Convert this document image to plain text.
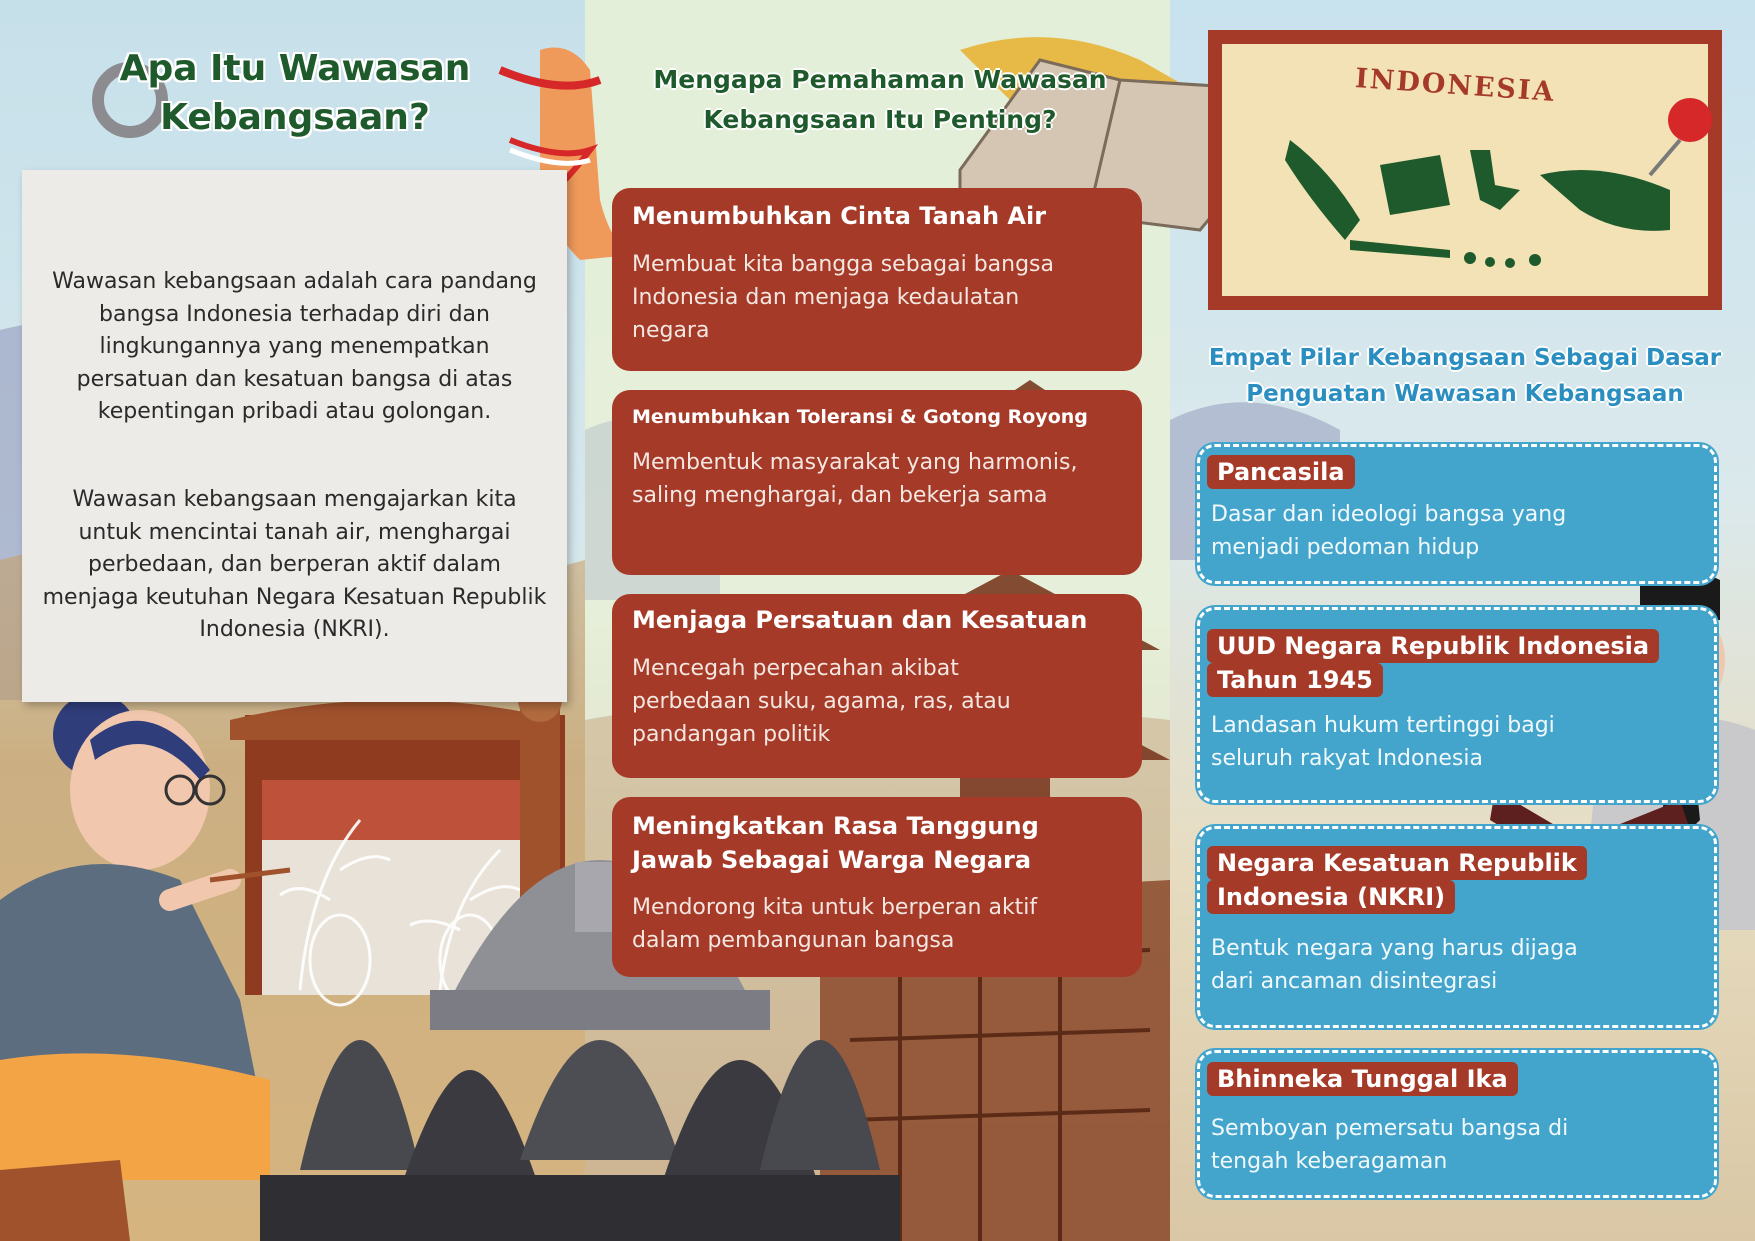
Apa Itu Wawasan Kebangsaan?

Wawasan kebangsaan adalah cara pandang bangsa Indonesia terhadap diri dan lingkungannya yang menempatkan persatuan dan kesatuan bangsa di atas kepentingan pribadi atau golongan.

Wawasan kebangsaan mengajarkan kita untuk mencintai tanah air, menghargai perbedaan, dan berperan aktif dalam menjaga keutuhan Negara Kesatuan Republik Indonesia (NKRI).

Mengapa Pemahaman Wawasan Kebangsaan Itu Penting?
Menumbuhkan Cinta Tanah Air
Membuat kita bangga sebagai bangsa Indonesia dan menjaga kedaulatan negara
Menumbuhkan Toleransi & Gotong Royong
Membentuk masyarakat yang harmonis, saling menghargai, dan bekerja sama
Menjaga Persatuan dan Kesatuan
Mencegah perpecahan akibat perbedaan suku, agama, ras, atau pandangan politik
Meningkatkan Rasa Tanggung Jawab Sebagai Warga Negara
Mendorong kita untuk berperan aktif dalam pembangunan bangsa
INDONESIA
Empat Pilar Kebangsaan Sebagai Dasar Penguatan Wawasan Kebangsaan
Pancasila
Dasar dan ideologi bangsa yang menjadi pedoman hidup
UUD Negara Republik Indonesia
Tahun 1945
Landasan hukum tertinggi bagi seluruh rakyat Indonesia
Negara Kesatuan Republik
Indonesia (NKRI)
Bentuk negara yang harus dijaga dari ancaman disintegrasi
Bhinneka Tunggal Ika
Semboyan pemersatu bangsa di tengah keberagaman
